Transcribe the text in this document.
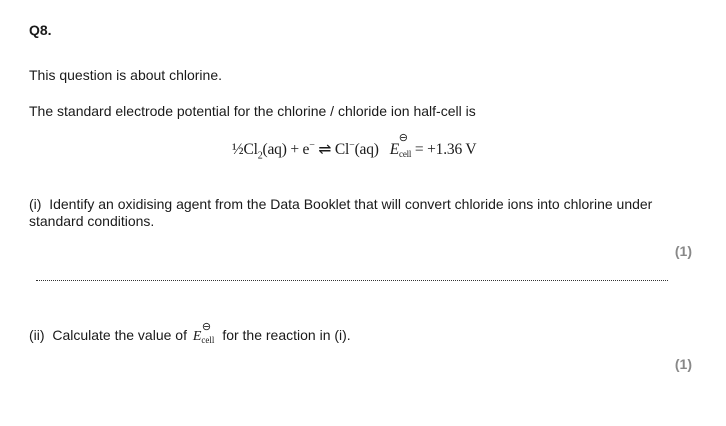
Q8.
This question is about chlorine.
The standard electrode potential for the chlorine / chloride ion half-cell is
$\frac{1}{2}Cl_2(aq) + e^-$ ⇌ Cl−(aq) E
⊖
cell = +1.36 V
(i) Identify an oxidising agent from the Data Booklet that will convert chloride ions into chlorine under standard conditions.
(1)
(ii) Calculate the value of E
⊖
$_{cell}$ for the reaction in (i).
(1)
